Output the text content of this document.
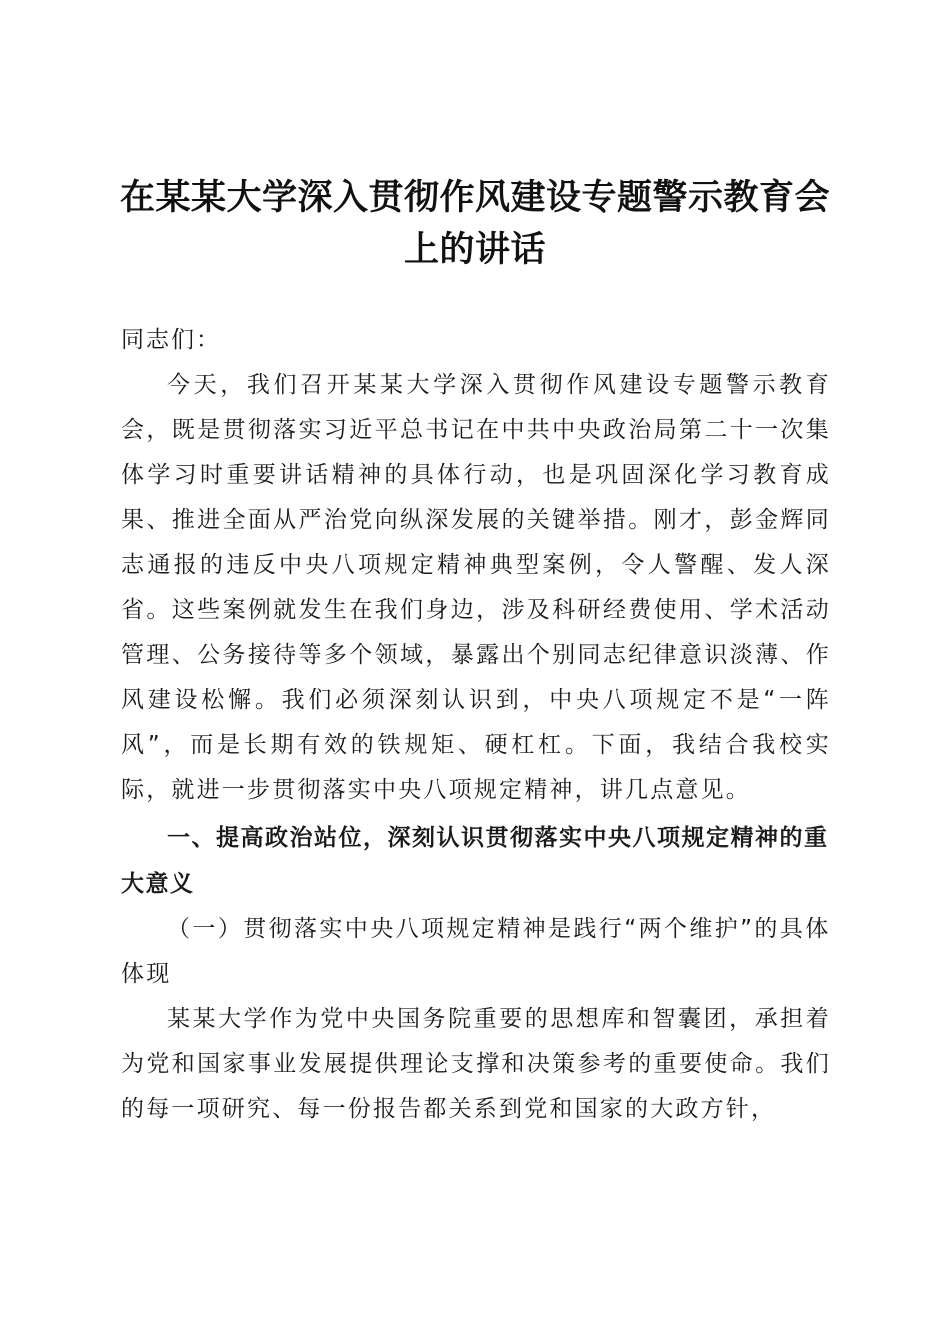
在某某大学深入贯彻作风建设专题警示教育会
上的讲话

同志们：

今天，我们召开某某大学深入贯彻作风建设专题警示教育会，既是贯彻落实习近平总书记在中共中央政治局第二十一次集体学习时重要讲话精神的具体行动，也是巩固深化学习教育成果、推进全面从严治党向纵深发展的关键举措。刚才，彭金辉同志通报的违反中央八项规定精神典型案例，令人警醒、发人深省。这些案例就发生在我们身边，涉及科研经费使用、学术活动管理、公务接待等多个领域，暴露出个别同志纪律意识淡薄、作风建设松懈。我们必须深刻认识到，中央八项规定不是“一阵风”，而是长期有效的铁规矩、硬杠杠。下面，我结合我校实际，就进一步贯彻落实中央八项规定精神，讲几点意见。

一、提高政治站位，深刻认识贯彻落实中央八项规定精神的重大意义

（一）贯彻落实中央八项规定精神是践行“两个维护”的具体体现

某某大学作为党中央国务院重要的思想库和智囊团，承担着为党和国家事业发展提供理论支撑和决策参考的重要使命。我们的每一项研究、每一份报告都关系到党和国家的大政方针，
